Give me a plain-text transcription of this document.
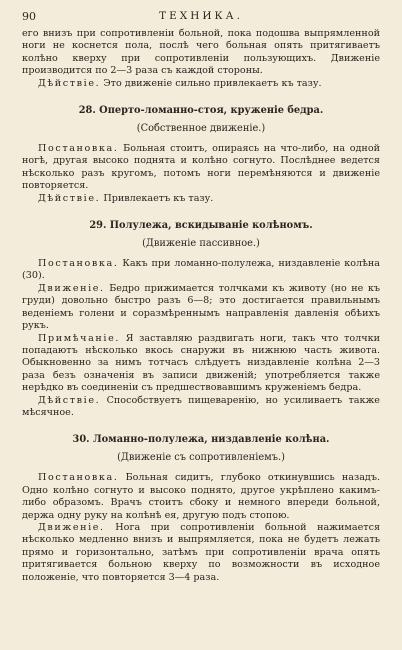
90	ТЕХНИКА.

его внизъ при сопротивленiи больной, пока подошва выпрямленной ноги не коснется пола, послѣ чего больная опять притягиваетъ колѣно кверху при сопротивленiи пользующихъ. Движенiе производится по 2—3 раза съ каждой стороны.

Дѣйствiе. Это движенiе сильно привлекаетъ къ тазу.

28. Оперто-ломанно-стоя, круженiе бедра.
(Собственное движенiе.)

Постановка. Больная стоитъ, опираясь на что-либо, на одной ногѣ, другая высоко поднята и колѣно согнуто. Послѣднее ведется нѣсколько разъ кругомъ, потомъ ноги перемѣняются и движенiе повторяется.

Дѣйствiе. Привлекаетъ къ тазу.

29. Полулежа, вскидыванiе колѣномъ.
(Движенiе пассивное.)

Постановка. Какъ при ломанно-полулежа, низдавленiе колѣна (30).

Движенiе. Бедро прижимается толчками къ животу (но не къ груди) довольно быстро разъ 6—8; это достигается правильнымъ веденiемъ голени и соразмѣреннымъ направленiя давленiя обѣихъ рукъ.

Примѣчанiе. Я заставляю раздвигать ноги, такъ что толчки попадаютъ нѣсколько вкось снаружи въ нижнюю часть живота. Обыкновенно за нимъ тотчасъ слѣдуетъ низдавленiе колѣна 2—3 раза безъ означенiя въ записи движенiй; употребляется также нерѣдко въ соединенiи съ предшествовавшимъ круженiемъ бедра.

Дѣйствiе. Способствуетъ пищеваренiю, но усиливаетъ также мѣсячное.

30. Ломанно-полулежа, низдавленiе колѣна.
(Движенiе съ сопротивленiемъ.)

Постановка. Больная сидитъ, глубоко откинувшись назадъ. Одно колѣно согнуто и высоко поднято, другое укрѣплено какимъ-либо образомъ. Врачъ стоитъ сбоку и немного впереди больной, держа одну руку на колѣнѣ ея, другую подъ стопою.

Движенiе. Нога при сопротивленiи больной нажимается нѣсколько медленно внизъ и выпрямляется, пока не будетъ лежать прямо и горизонтально, затѣмъ при сопротивленiи врача опять притягивается больною кверху по возможности въ исходное положенiе, что повторяется 3—4 раза.
